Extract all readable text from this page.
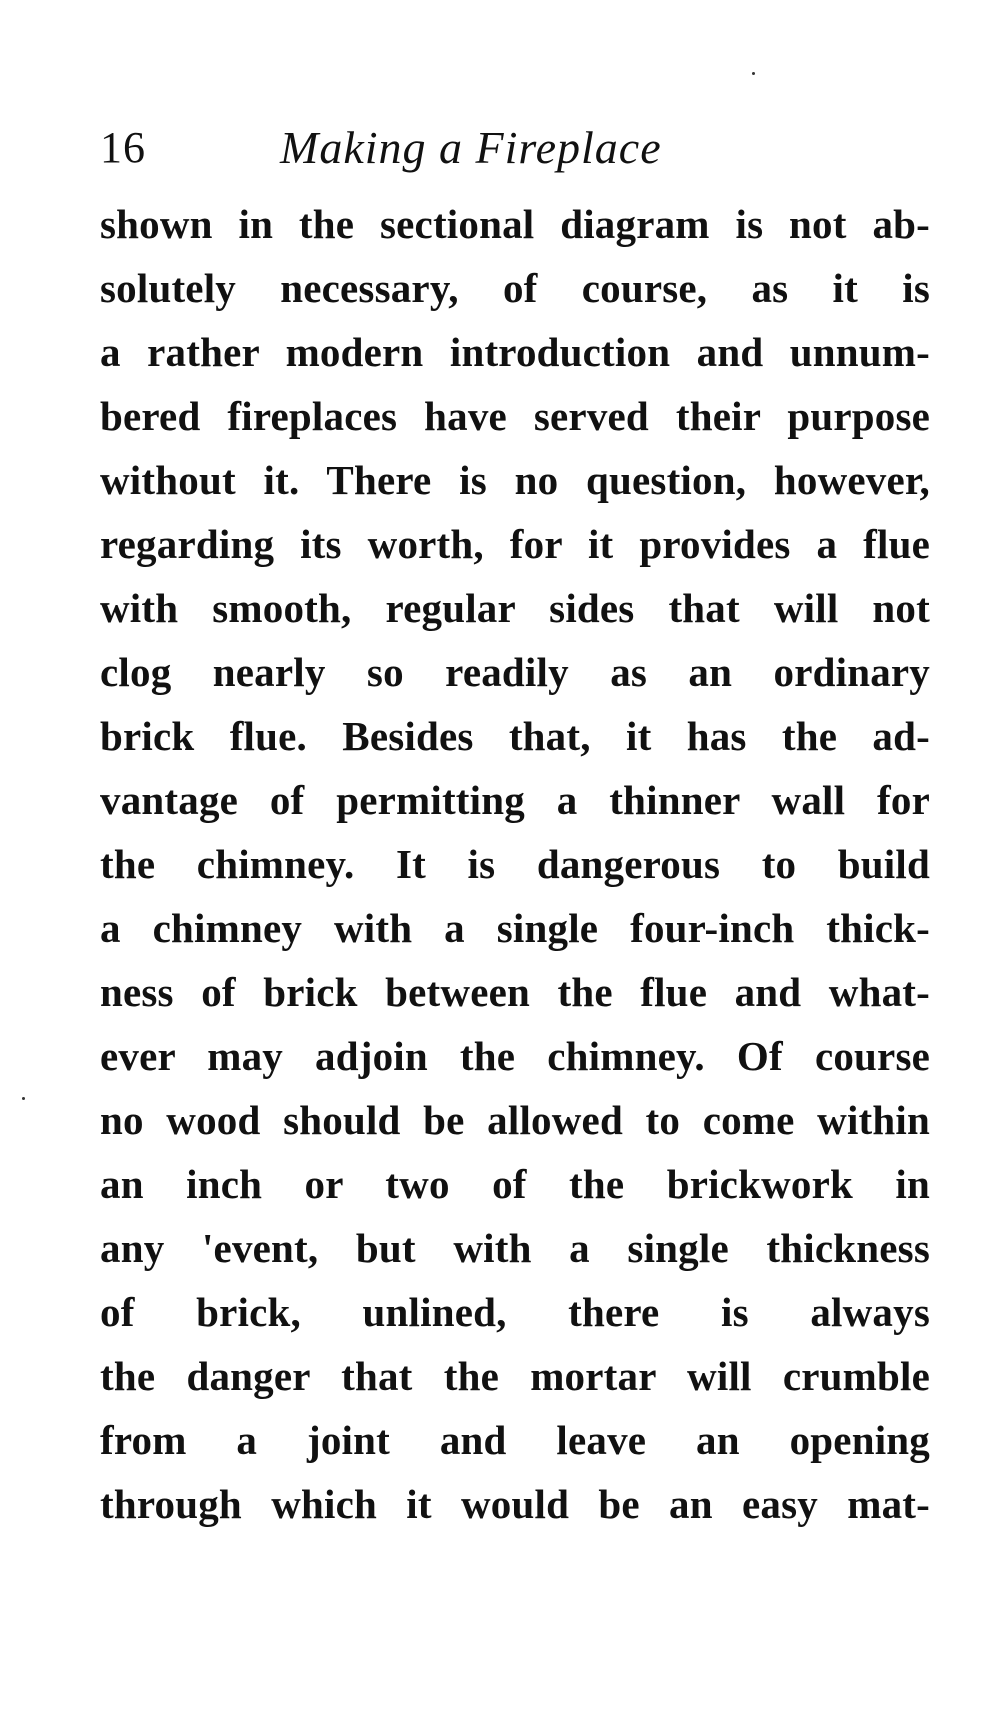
16	Making a Fireplace
shown in the sectional diagram is not ab-
solutely necessary, of course, as it is
a rather modern introduction and unnum-
bered fireplaces have served their purpose
without it. There is no question, however,
regarding its worth, for it provides a flue
with smooth, regular sides that will not
clog nearly so readily as an ordinary
brick flue. Besides that, it has the ad-
vantage of permitting a thinner wall for
the chimney. It is dangerous to build
a chimney with a single four-inch thick-
ness of brick between the flue and what-
ever may adjoin the chimney. Of course
no wood should be allowed to come within
an inch or two of the brickwork in
any 'event, but with a single thickness
of brick, unlined, there is always
the danger that the mortar will crumble
from a joint and leave an opening
through which it would be an easy mat-
